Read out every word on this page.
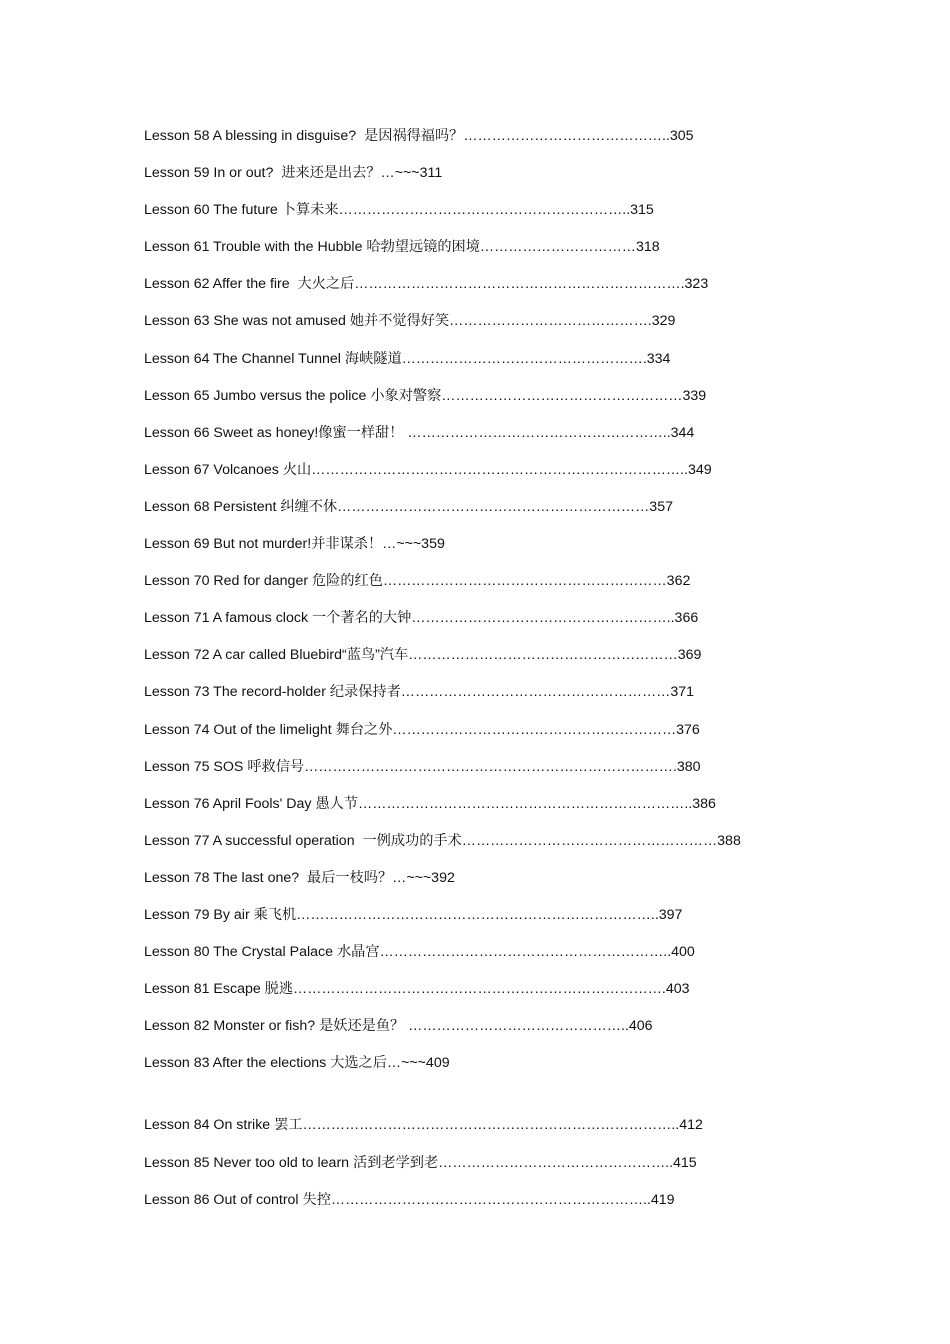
Lesson 58 A blessing in disguise?  是因祸得福吗？……………………………………..305
Lesson 59 In or out?  进来还是出去？…~~~311
Lesson 60 The future 卜算未来……………………………………………………..315
Lesson 61 Trouble with the Hubble 哈勃望远镜的困境……………………………318
Lesson 62 Affer the fire  大火之后…………………………………………………………….323
Lesson 63 She was not amused 她并不觉得好笑…………………………………….329
Lesson 64 The Channel Tunnel 海峡隧道…………………………………………….334
Lesson 65 Jumbo versus the police 小象对警察……………………………………………339
Lesson 66 Sweet as honey!像蜜一样甜！ ………………………………………………..344
Lesson 67 Volcanoes 火山……………………………………………………………………..349
Lesson 68 Persistent 纠缠不休…………………………………………………………357
Lesson 69 But not murder!并非谋杀！…~~~359
Lesson 70 Red for danger 危险的红色……………………………………………………362
Lesson 71 A famous clock 一个著名的大钟………………………………………………..366
Lesson 72 A car called Bluebird“蓝鸟”汽车…………………………………………………369
Lesson 73 The record-holder 纪录保持者…………………………………………………371
Lesson 74 Out of the limelight 舞台之外……………………………………………………376
Lesson 75 SOS 呼救信号…………………………………………………………………….380
Lesson 76 April Fools' Day 愚人节……………………………………………………………..386
Lesson 77 A successful operation  一例成功的手术………………………………………………388
Lesson 78 The last one?  最后一枝吗？…~~~392
Lesson 79 By air 乘飞机…………………………………………………………………..397
Lesson 80 The Crystal Palace 水晶宫……………………………………………………..400
Lesson 81 Escape 脱逃…………………………………………………………………….403
Lesson 82 Monster or fish? 是妖还是鱼？ ………………………………………..406
Lesson 83 After the elections 大选之后…~~~409
Lesson 84 On strike 罢工……………………………………………………………………..412
Lesson 85 Never too old to learn 活到老学到老…………………………………………..415
Lesson 86 Out of control 失控…………………………………………………………..419
